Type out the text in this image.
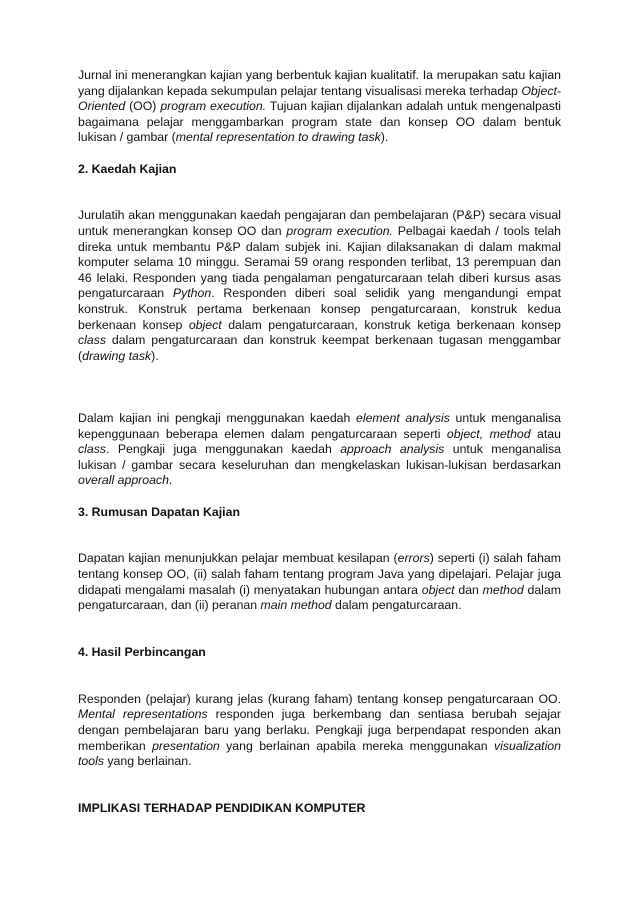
Jurnal ini menerangkan kajian yang berbentuk kajian kualitatif. Ia merupakan satu kajian yang dijalankan kepada sekumpulan pelajar tentang visualisasi mereka terhadap Object-Oriented (OO) program execution. Tujuan kajian dijalankan adalah untuk mengenalpasti bagaimana pelajar menggambarkan program state dan konsep OO dalam bentuk lukisan / gambar (mental representation to drawing task).

2. Kaedah Kajian

Jurulatih akan menggunakan kaedah pengajaran dan pembelajaran (P&P) secara visual untuk menerangkan konsep OO dan program execution. Pelbagai kaedah / tools telah direka untuk membantu P&P dalam subjek ini. Kajian dilaksanakan di dalam makmal komputer selama 10 minggu. Seramai 59 orang responden terlibat, 13 perempuan dan 46 lelaki. Responden yang tiada pengalaman pengaturcaraan telah diberi kursus asas pengaturcaraan Python. Responden diberi soal selidik yang mengandungi empat konstruk. Konstruk pertama berkenaan konsep pengaturcaraan, konstruk kedua berkenaan konsep object dalam pengaturcaraan, konstruk ketiga berkenaan konsep class dalam pengaturcaraan dan konstruk keempat berkenaan tugasan menggambar (drawing task).

Dalam kajian ini pengkaji menggunakan kaedah element analysis untuk menganalisa kepenggunaan beberapa elemen dalam pengaturcaraan seperti object, method atau class. Pengkaji juga menggunakan kaedah approach analysis untuk menganalisa lukisan / gambar secara keseluruhan dan mengkelaskan lukisan-lukisan berdasarkan overall approach.

3. Rumusan Dapatan Kajian

Dapatan kajian menunjukkan pelajar membuat kesilapan (errors) seperti (i) salah faham tentang konsep OO, (ii) salah faham tentang program Java yang dipelajari. Pelajar juga didapati mengalami masalah (i) menyatakan hubungan antara object dan method dalam pengaturcaraan, dan (ii) peranan main method dalam pengaturcaraan.

4. Hasil Perbincangan

Responden (pelajar) kurang jelas (kurang faham) tentang konsep pengaturcaraan OO. Mental representations responden juga berkembang dan sentiasa berubah sejajar dengan pembelajaran baru yang berlaku. Pengkaji juga berpendapat responden akan memberikan presentation yang berlainan apabila mereka menggunakan visualization tools yang berlainan.

IMPLIKASI TERHADAP PENDIDIKAN KOMPUTER
